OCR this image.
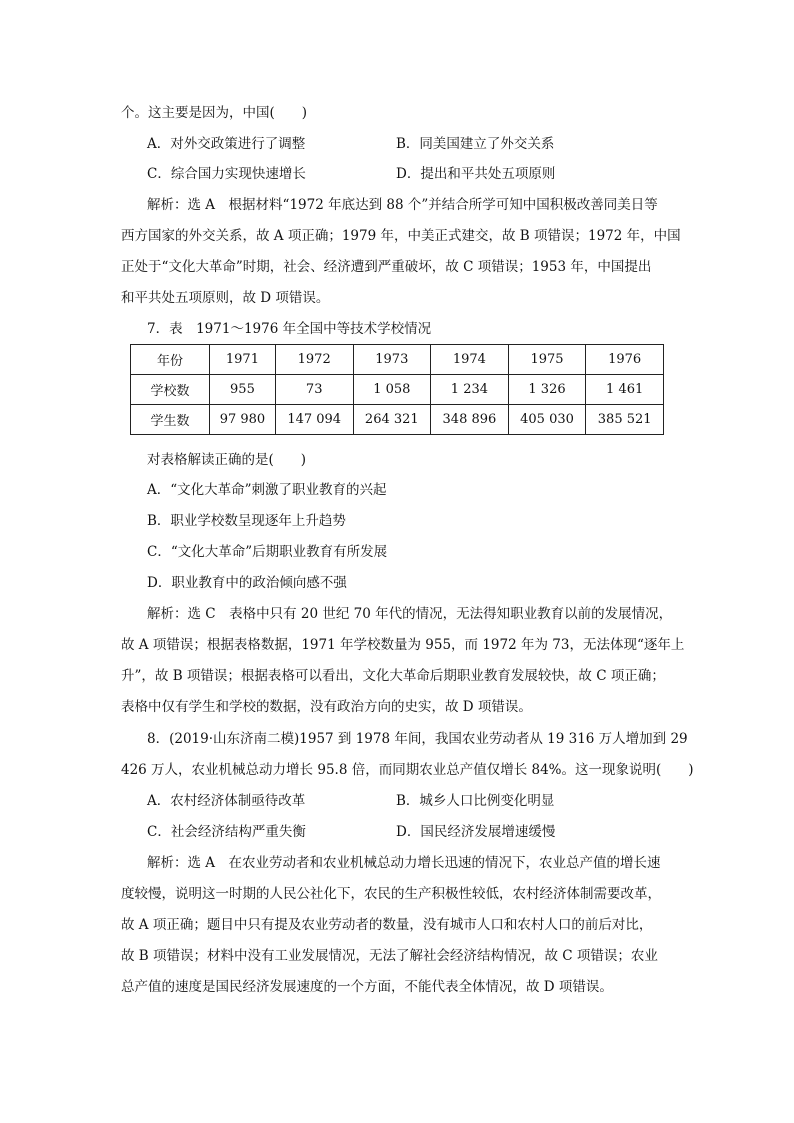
个。这主要是因为，中国(　　)
A．对外交政策进行了调整	B．同美国建立了外交关系
C．综合国力实现快速增长	D．提出和平共处五项原则
解析：选 A　根据材料“1972 年底达到 88 个”并结合所学可知中国积极改善同美日等
西方国家的外交关系，故 A 项正确；1979 年，中美正式建交，故 B 项错误；1972 年，中国
正处于“文化大革命”时期，社会、经济遭到严重破坏，故 C 项错误；1953 年，中国提出
和平共处五项原则，故 D 项错误。
7．表　1971～1976 年全国中等技术学校情况
年份	1971	1972	1973	1974	1975	1976
学校数	955	73	1 058	1 234	1 326	1 461
学生数	97 980	147 094	264 321	348 896	405 030	385 521
对表格解读正确的是(　　)
A．“文化大革命”刺激了职业教育的兴起
B．职业学校数呈现逐年上升趋势
C．“文化大革命”后期职业教育有所发展
D．职业教育中的政治倾向感不强
解析：选 C　表格中只有 20 世纪 70 年代的情况，无法得知职业教育以前的发展情况，
故 A 项错误；根据表格数据，1971 年学校数量为 955，而 1972 年为 73，无法体现“逐年上
升”，故 B 项错误；根据表格可以看出，文化大革命后期职业教育发展较快，故 C 项正确；
表格中仅有学生和学校的数据，没有政治方向的史实，故 D 项错误。
8．(2019·山东济南二模)1957 到 1978 年间，我国农业劳动者从 19 316 万人增加到 29
426 万人，农业机械总动力增长 95.8 倍，而同期农业总产值仅增长 84%。这一现象说明(　　)
A．农村经济体制亟待改革	B．城乡人口比例变化明显
C．社会经济结构严重失衡	D．国民经济发展增速缓慢
解析：选 A　在农业劳动者和农业机械总动力增长迅速的情况下，农业总产值的增长速
度较慢，说明这一时期的人民公社化下，农民的生产积极性较低，农村经济体制需要改革，
故 A 项正确；题目中只有提及农业劳动者的数量，没有城市人口和农村人口的前后对比，
故 B 项错误；材料中没有工业发展情况，无法了解社会经济结构情况，故 C 项错误；农业
总产值的速度是国民经济发展速度的一个方面，不能代表全体情况，故 D 项错误。
